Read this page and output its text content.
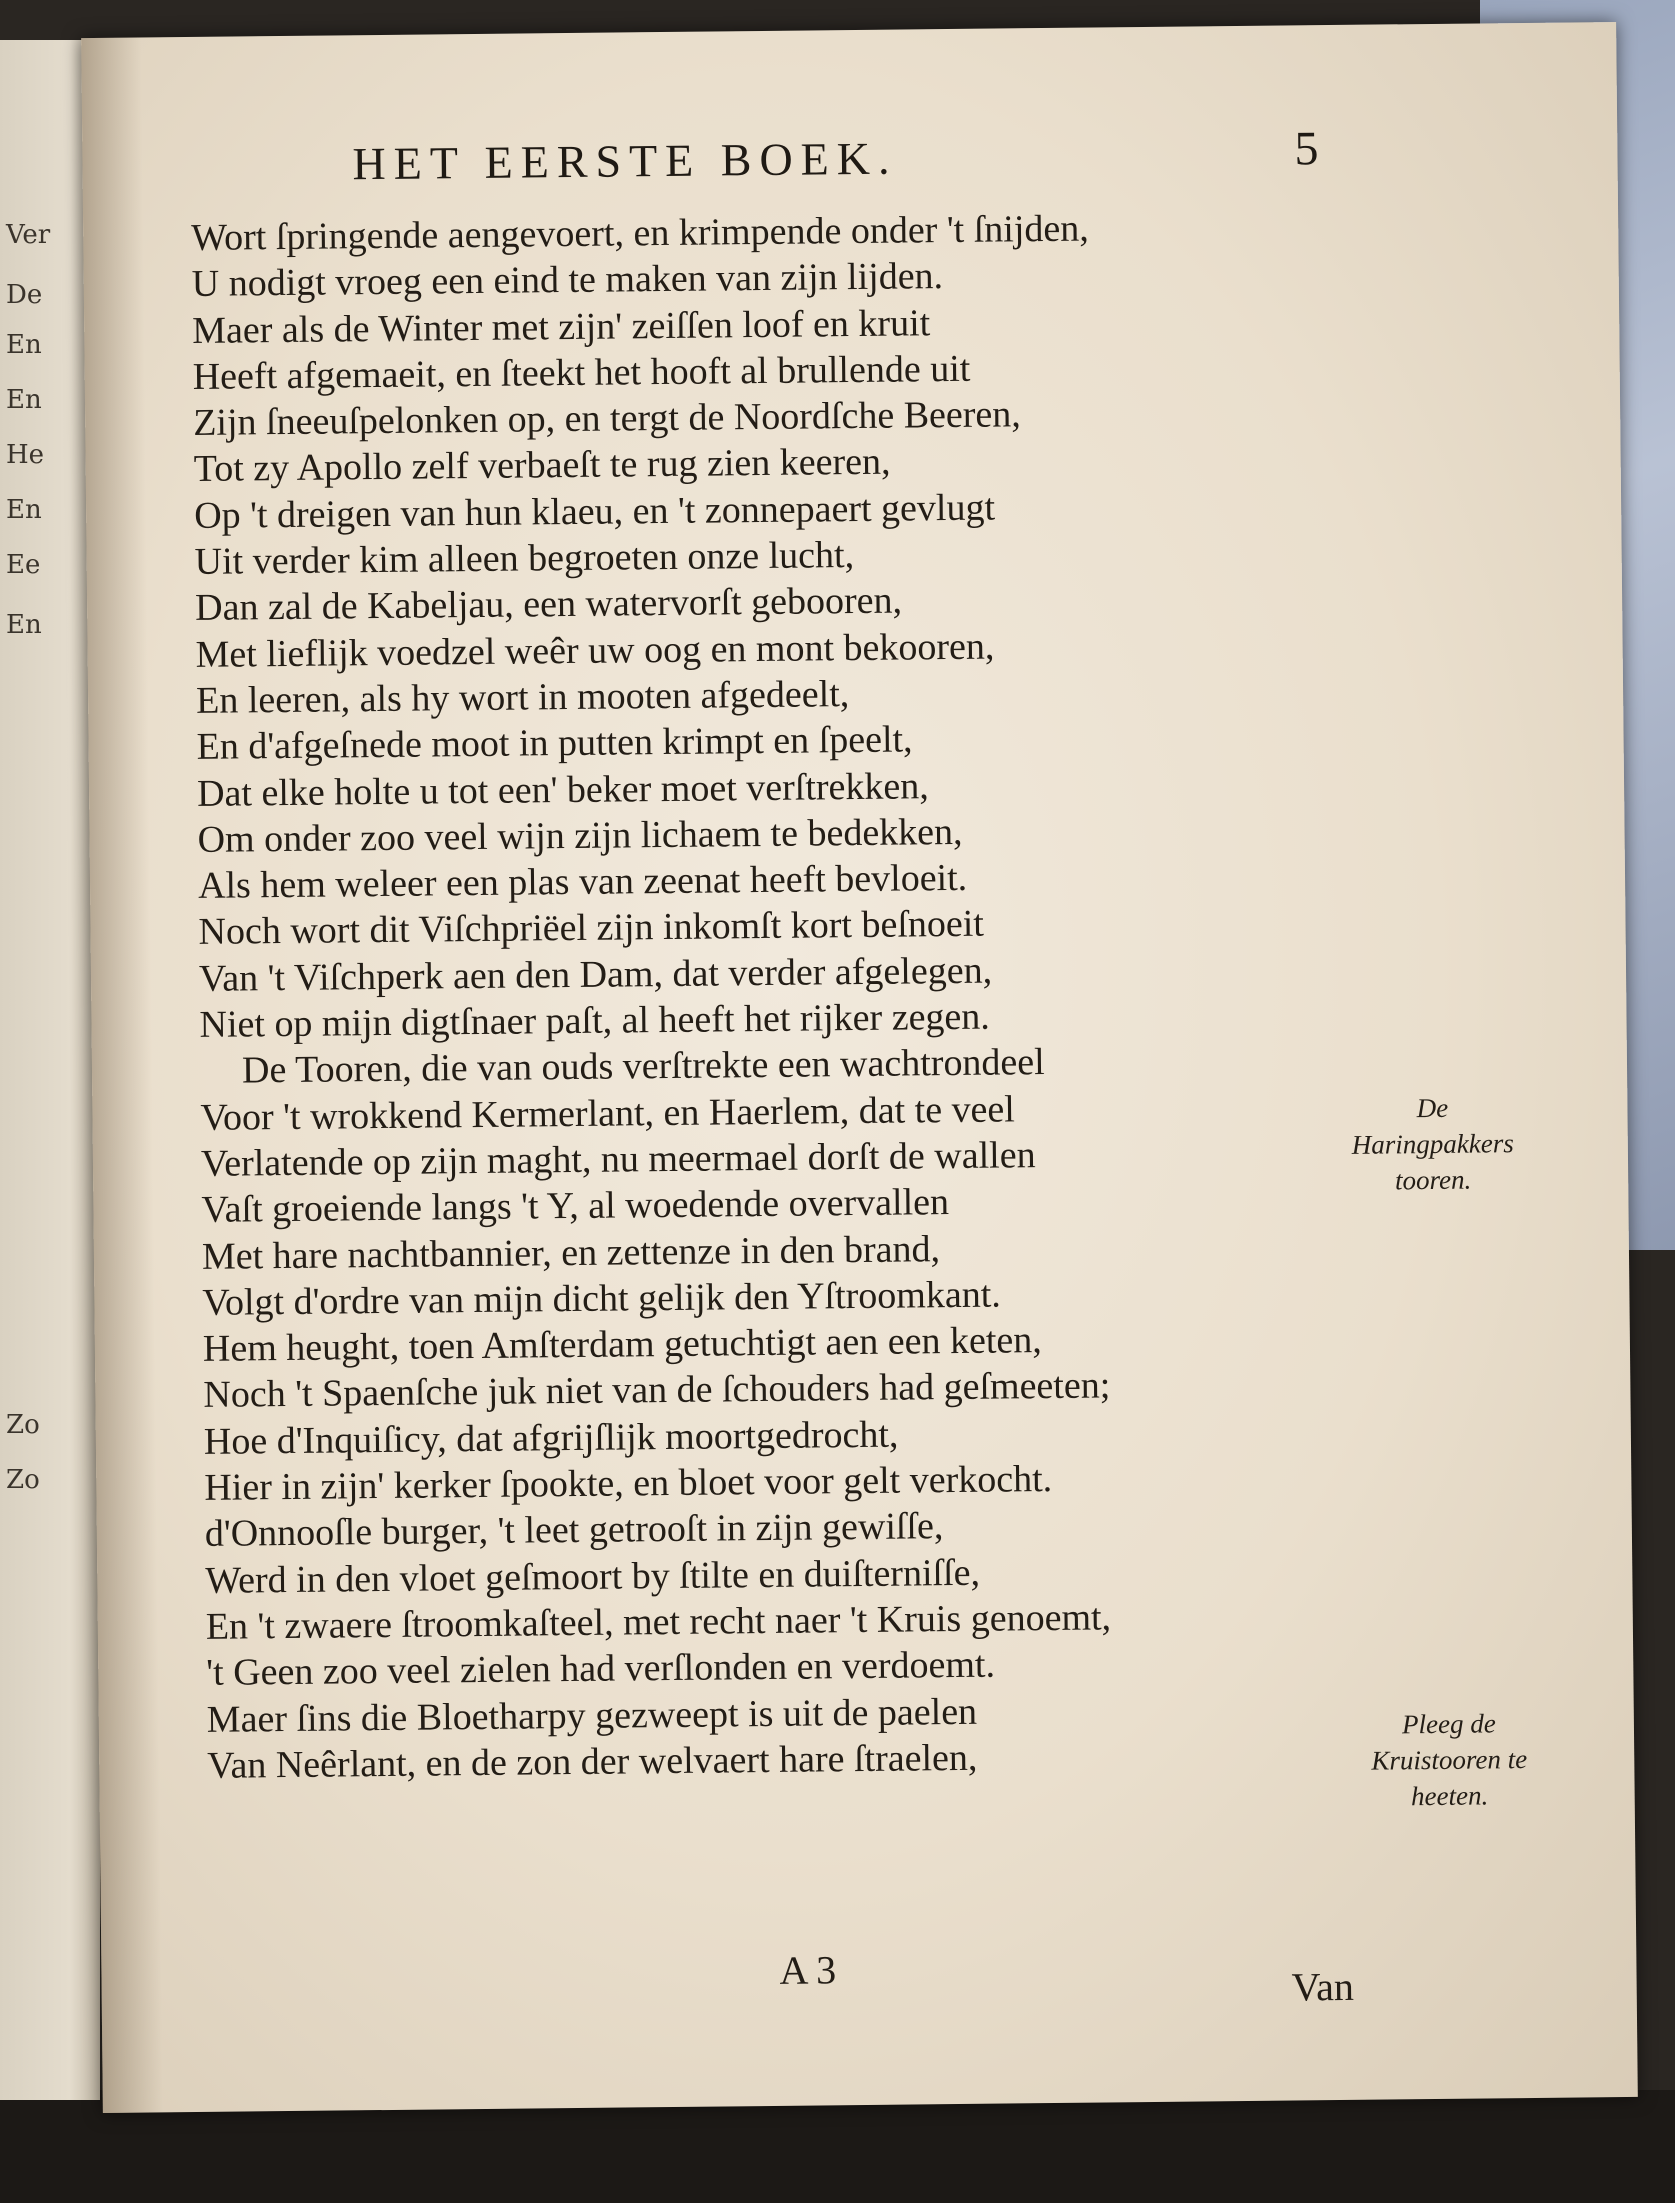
Ver
De
En
En
He
En
Ee
En
Zo
Zo
HET EERSTE BOEK.	5
Wort ſpringende aengevoert, en krimpende onder 't ſnijden,
U nodigt vroeg een eind te maken van zijn lijden.
Maer als de Winter met zijn' zeiſſen loof en kruit
Heeft afgemaeit, en ſteekt het hooft al brullende uit
Zijn ſneeuſpelonken op, en tergt de Noordſche Beeren,
Tot zy Apollo zelf verbaeſt te rug zien keeren,
Op 't dreigen van hun klaeu, en 't zonnepaert gevlugt
Uit verder kim alleen begroeten onze lucht,
Dan zal de Kabeljau, een watervorſt gebooren,
Met lieflijk voedzel weêr uw oog en mont bekooren,
En leeren, als hy wort in mooten afgedeelt,
En d'afgeſnede moot in putten krimpt en ſpeelt,
Dat elke holte u tot een' beker moet verſtrekken,
Om onder zoo veel wijn zijn lichaem te bedekken,
Als hem weleer een plas van zeenat heeft bevloeit.
Noch wort dit Viſchpriëel zijn inkomſt kort beſnoeit
Van 't Viſchperk aen den Dam, dat verder afgelegen,
Niet op mijn digtſnaer paſt, al heeft het rijker zegen.
De Tooren, die van ouds verſtrekte een wachtrondeel
Voor 't wrokkend Kermerlant, en Haerlem, dat te veel
Verlatende op zijn maght, nu meermael dorſt de wallen
Vaſt groeiende langs 't Y, al woedende overvallen
Met hare nachtbannier, en zettenze in den brand,
Volgt d'ordre van mijn dicht gelijk den Yſtroomkant.
Hem heught, toen Amſterdam getuchtigt aen een keten,
Noch 't Spaenſche juk niet van de ſchouders had geſmeeten;
Hoe d'Inquiſicy, dat afgrijſlijk moortgedrocht,
Hier in zijn' kerker ſpookte, en bloet voor gelt verkocht.
d'Onnooſle burger, 't leet getrooſt in zijn gewiſſe,
Werd in den vloet geſmoort by ſtilte en duiſterniſſe,
En 't zwaere ſtroomkaſteel, met recht naer 't Kruis genoemt,
't Geen zoo veel zielen had verſlonden en verdoemt.
Maer ſins die Bloetharpy gezweept is uit de paelen
Van Neêrlant, en de zon der welvaert hare ſtraelen,
De Haringpakkers tooren.
Pleeg de Kruistooren te heeten.
A 3	Van
